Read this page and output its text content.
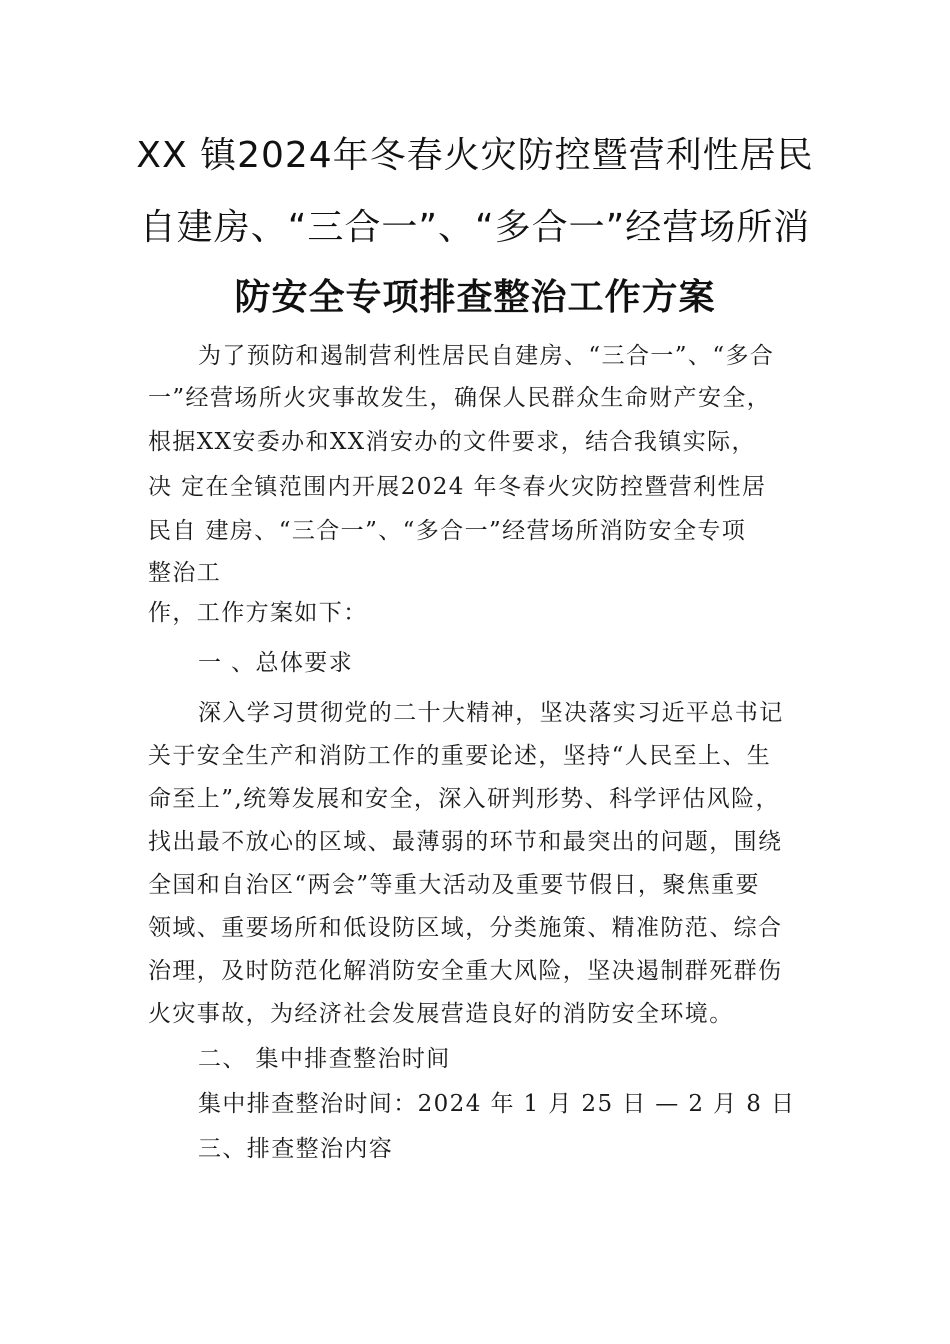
XX 镇2024年冬春火灾防控暨营利性居民
自建房、“三合一”、“多合一”经营场所消
防安全专项排查整治工作方案
为了预防和遏制营利性居民自建房、“三合一”、“多合
一”经营场所火灾事故发生，确保人民群众生命财产安全，
根据XX安委办和XX消安办的文件要求，结合我镇实际，
决 定在全镇范围内开展2024 年冬春火灾防控暨营利性居
民自 建房、“三合一”、“多合一”经营场所消防安全专项
整治工
作，工作方案如下：
一 、总体要求
深入学习贯彻党的二十大精神，坚决落实习近平总书记
关于安全生产和消防工作的重要论述，坚持“人民至上、生
命至上”,统筹发展和安全，深入研判形势、科学评估风险，
找出最不放心的区域、最薄弱的环节和最突出的问题，围绕
全国和自治区“两会”等重大活动及重要节假日，聚焦重要
领域、重要场所和低设防区域，分类施策、精准防范、综合
治理，及时防范化解消防安全重大风险，坚决遏制群死群伤
火灾事故，为经济社会发展营造良好的消防安全环境。
二、 集中排查整治时间
集中排查整治时间：2024 年 1 月 25 日 — 2 月 8 日
三、排查整治内容
